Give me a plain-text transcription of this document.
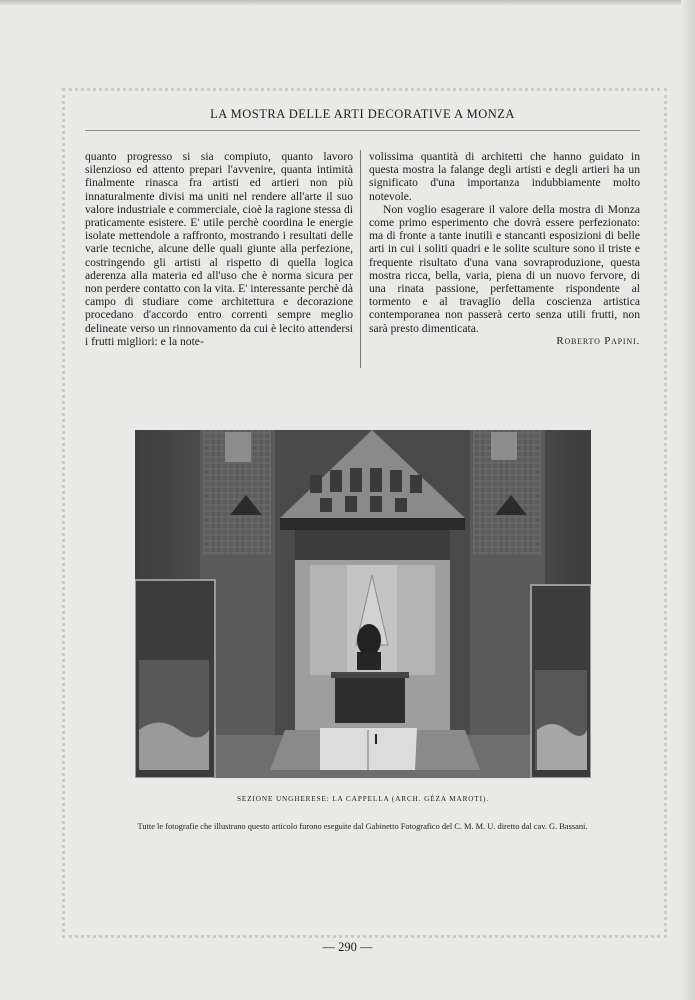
LA MOSTRA DELLE ARTI DECORATIVE A MONZA

quanto progresso si sia compiuto, quanto lavoro silenzioso ed attento prepari l'avvenire, quanta intimità finalmente rinasca fra artisti ed artieri non più innaturalmente divisi ma uniti nel rendere all'arte il suo valore industriale e commerciale, cioè la ragione stessa di praticamente esistere. E' utile perchè coordina le energie isolate mettendole a raffronto, mostrando i resultati delle varie tecniche, alcune delle quali giunte alla perfezione, costringendo gli artisti al rispetto di quella logica aderenza alla materia ed all'uso che è norma sicura per non perdere contatto con la vita. E' interessante perchè dà campo di studiare come architettura e decorazione procedano d'accordo entro correnti sempre meglio delineate verso un rinnovamento da cui è lecito attendersi i frutti migliori: e la note-

volissima quantità di architetti che hanno guidato in questa mostra la falange degli artisti e degli artieri ha un significato d'una importanza indubbiamente molto notevole.

Non voglio esagerare il valore della mostra di Monza come primo esperimento che dovrà essere perfezionato: ma di fronte a tante inutili e stancanti esposizioni di belle arti in cui i soliti quadri e le solite sculture sono il triste e frequente risultato d'una vana sovraproduzione, questa mostra ricca, bella, varia, piena di un nuovo fervore, di una rinata passione, perfettamente rispondente al tormento e al travaglio della coscienza artistica contemporanea non passerà certo senza utili frutti, non sarà presto dimenticata.

Roberto Papini.

SEZIONE UNGHERESE: LA CAPPELLA (ARCH. GÉZA MAROTI).
Tutte le fotografie che illustrano questo articolo furono eseguite dal Gabinetto Fotografico del C. M. M. U. diretto dal cav. G. Bassani.
— 290 —
